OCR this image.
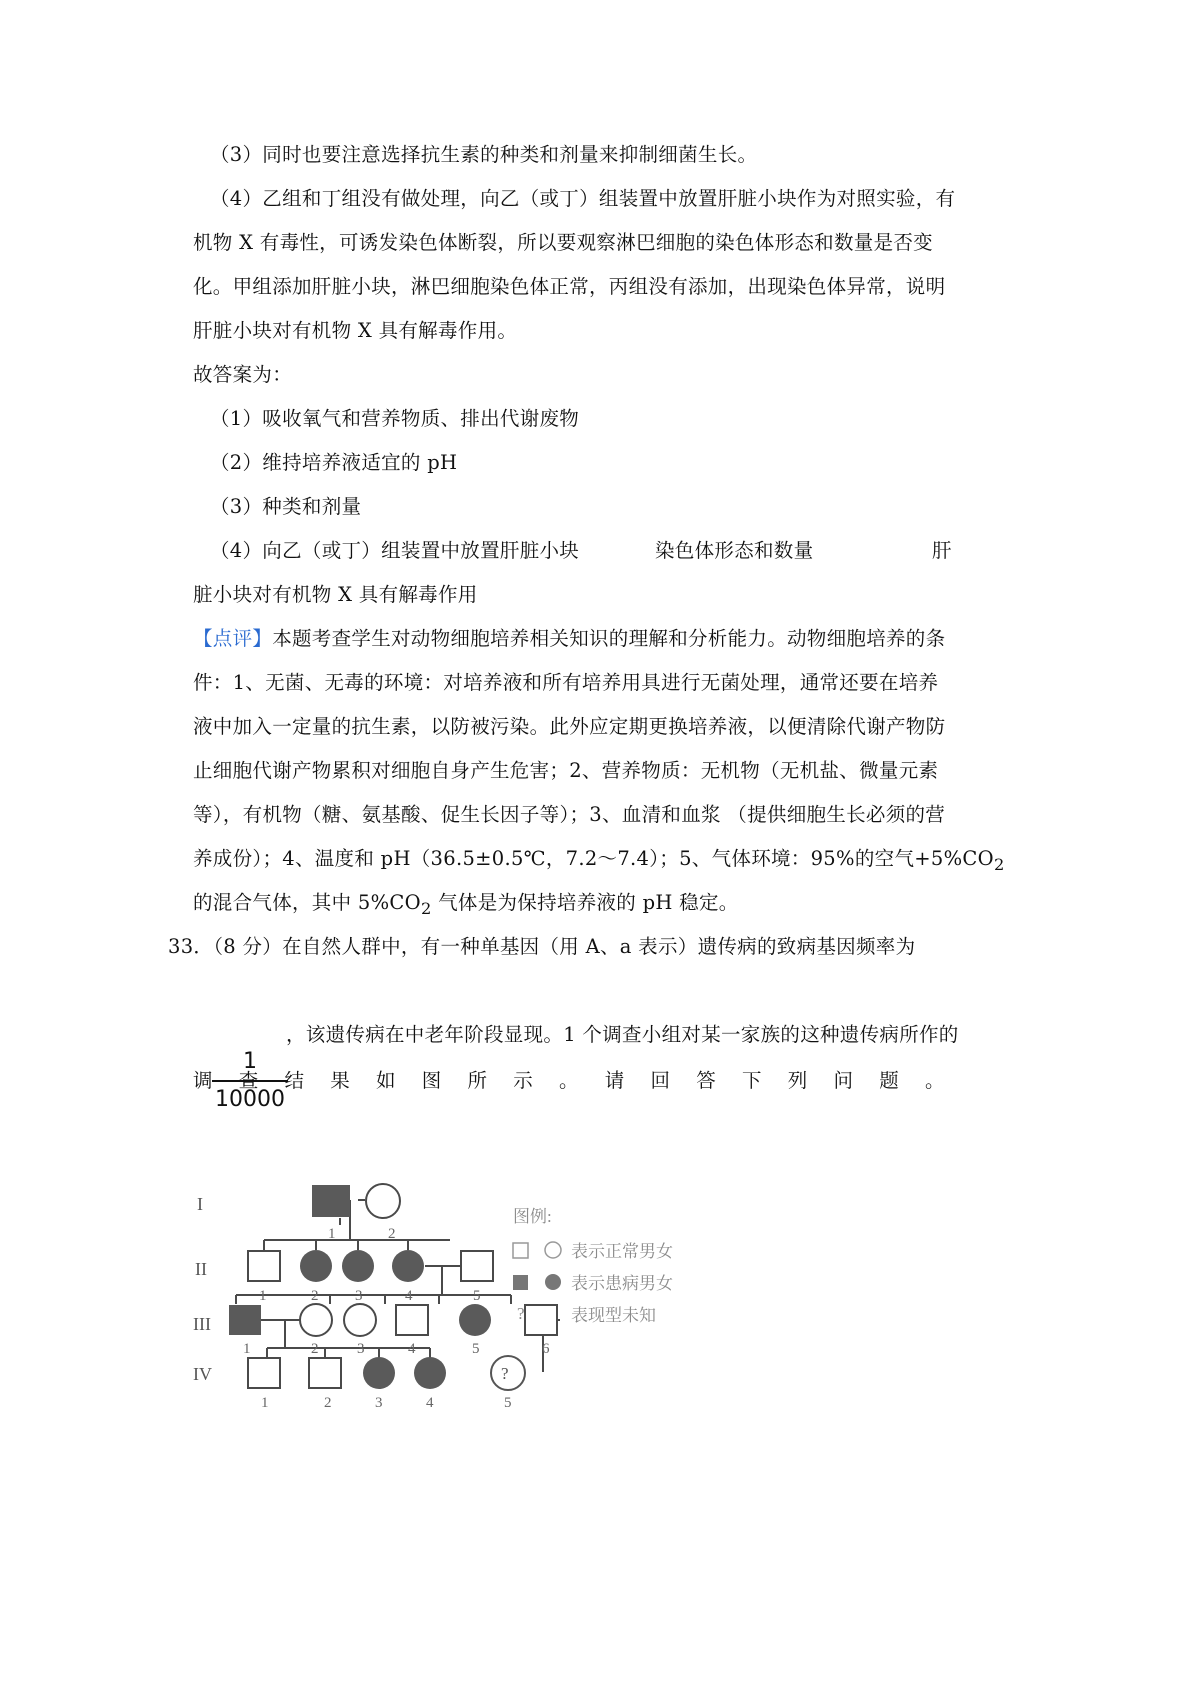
（3）同时也要注意选择抗生素的种类和剂量来抑制细菌生长。
（4）乙组和丁组没有做处理，向乙（或丁）组装置中放置肝脏小块作为对照实验，有
机物 X 有毒性，可诱发染色体断裂，所以要观察淋巴细胞的染色体形态和数量是否变
化。甲组添加肝脏小块，淋巴细胞染色体正常，丙组没有添加，出现染色体异常，说明
肝脏小块对有机物 X 具有解毒作用。
故答案为：
（1）吸收氧气和营养物质、排出代谢废物
（2）维持培养液适宜的 pH
（3）种类和剂量
（4）向乙（或丁）组装置中放置肝脏小块	染色体形态和数量	肝
脏小块对有机物 X 具有解毒作用
【点评】本题考查学生对动物细胞培养相关知识的理解和分析能力。动物细胞培养的条
件：1、无菌、无毒的环境：对培养液和所有培养用具进行无菌处理，通常还要在培养
液中加入一定量的抗生素，以防被污染。此外应定期更换培养液，以便清除代谢产物防
止细胞代谢产物累积对细胞自身产生危害；2、营养物质：无机物（无机盐、微量元素
等），有机物（糖、氨基酸、促生长因子等）；3、血清和血浆 （提供细胞生长必须的营
养成份）；4、温度和 pH（36.5±0.5℃，7.2～7.4）；5、气体环境：95%的空气$+5\%CO_2$
的混合气体，其中 $5\%CO_2$ 气体是为保持培养液的 pH 稳定。
33．（8 分）在自然人群中，有一种单基因（用 A、a 表示）遗传病的致病基因频率为
1
10000
，该遗传病在中老年阶段显现。1 个调查小组对某一家族的这种遗传病所作的
调 查 结 果 如 图 所 示 。 请 回 答 下 列 问 题 。
I
II
III
IV
1	2
1	2 3	4	5
1	2	3	4	5	6
?
1	2	3	4	5
图例:
表示正常男女
表示患病男女
?	表现型未知
